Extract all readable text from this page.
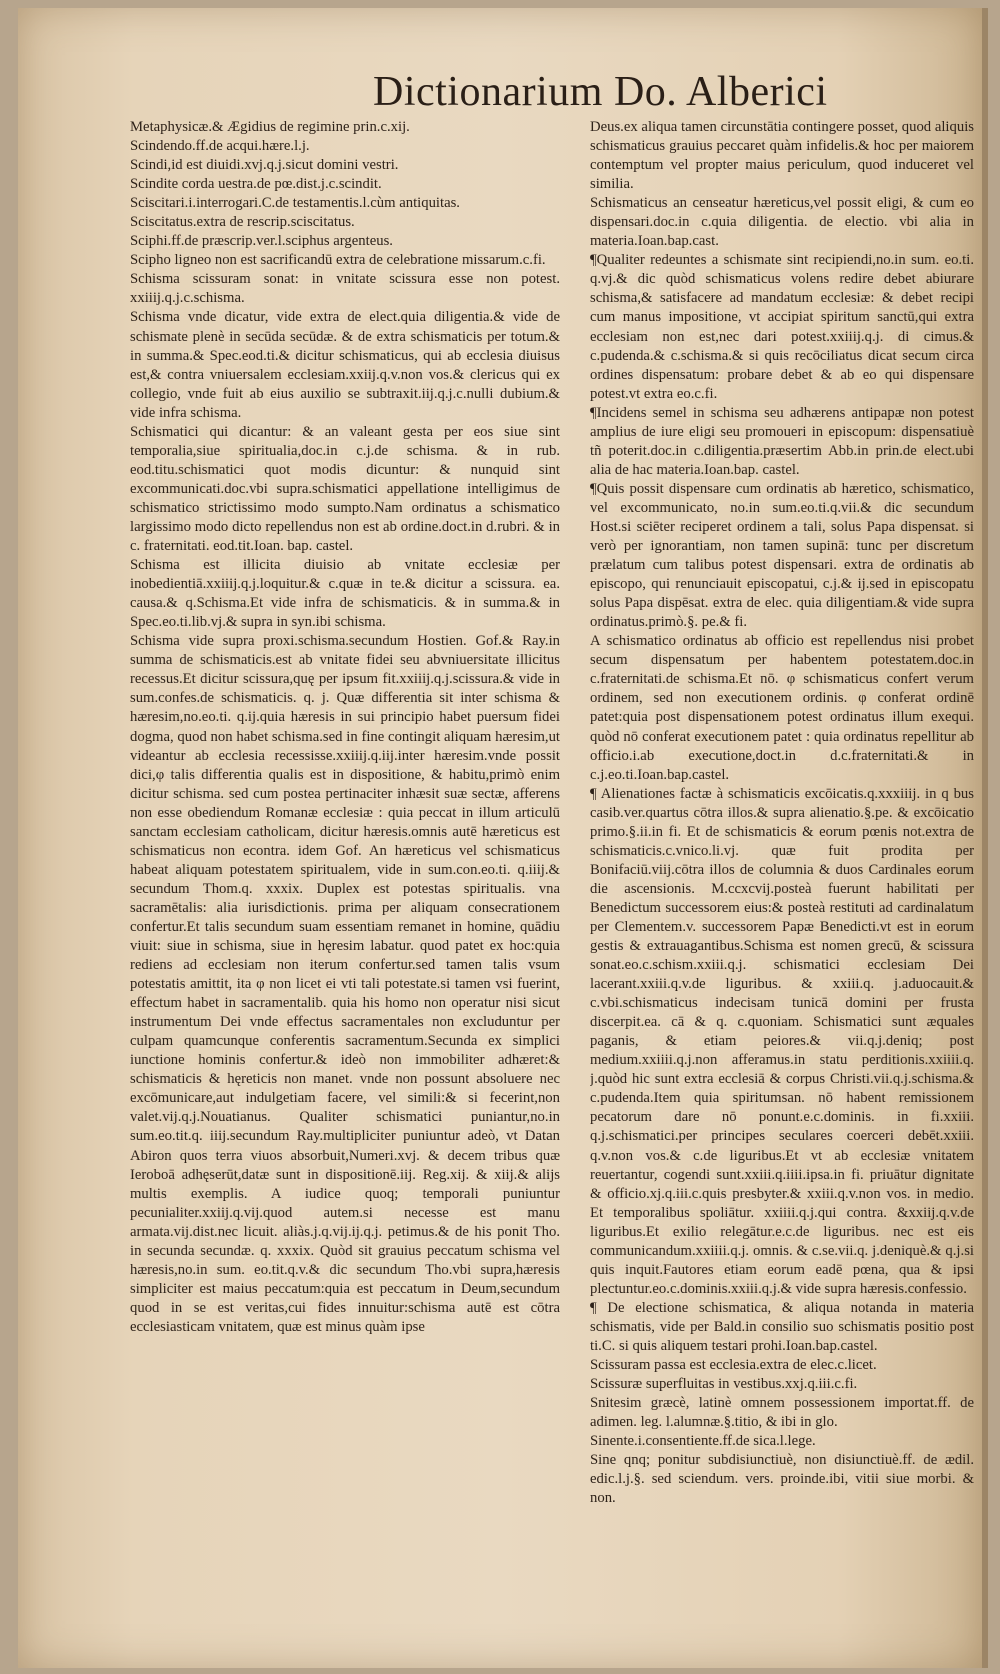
Dictionarium Do. Alberici

Metaphysicæ.& Ægidius de regimine prin.c.xij.

Scindendo.ff.de acqui.hære.l.j.

Scindi,id est diuidi.xvj.q.j.sicut domini vestri.

Scindite corda uestra.de pœ.dist.j.c.scindit.

Sciscitari.i.interrogari.C.de testamentis.l.cùm antiquitas.

Sciscitatus.extra de rescrip.sciscitatus.

Sciphi.ff.de præscrip.ver.l.sciphus argenteus.

Scipho ligneo non est sacrificandū extra de celebratione missarum.c.fi.

Schisma scissuram sonat: in vnitate scissura esse non potest. xxiiij.q.j.c.schisma.

Schisma vnde dicatur, vide extra de elect.quia diligentia.& vide de schismate plenè in secūda secūdæ. & de extra schismaticis per totum.& in summa.& Spec.eod.ti.& dicitur schismaticus, qui ab ecclesia diuisus est,& contra vniuersalem ecclesiam.xxiij.q.v.non vos.& clericus qui ex collegio, vnde fuit ab eius auxilio se subtraxit.iij.q.j.c.nulli dubium.& vide infra schisma.

Schismatici qui dicantur: & an valeant gesta per eos siue sint temporalia,siue spiritualia,doc.in c.j.de schisma. & in rub. eod.titu.schismatici quot modis dicuntur: & nunquid sint excommunicati.doc.vbi supra.schismatici appellatione intelligimus de schismatico strictissimo modo sumpto.Nam ordinatus a schismatico largissimo modo dicto repellendus non est ab ordine.doct.in d.rubri. & in c. fraternitati. eod.tit.Ioan. bap. castel.

Schisma est illicita diuisio ab vnitate ecclesiæ per inobedientiā.xxiiij.q.j.loquitur.& c.quæ in te.& dicitur a scissura. ea. causa.& q.Schisma.Et vide infra de schismaticis. & in summa.& in Spec.eo.ti.lib.vj.& supra in syn.ibi schisma.

Schisma vide supra proxi.schisma.secundum Hostien. Gof.& Ray.in summa de schismaticis.est ab vnitate fidei seu abvniuersitate illicitus recessus.Et dicitur scissura,quę per ipsum fit.xxiiij.q.j.scissura.& vide in sum.confes.de schismaticis. q. j. Quæ differentia sit inter schisma & hæresim,no.eo.ti. q.ij.quia hæresis in sui principio habet puersum fidei dogma, quod non habet schisma.sed in fine contingit aliquam hæresim,ut videantur ab ecclesia recessisse.xxiiij.q.iij.inter hæresim.vnde possit dici,φ talis differentia qualis est in dispositione, & habitu,primò enim dicitur schisma. sed cum postea pertinaciter inhæsit suæ sectæ, afferens non esse obediendum Romanæ ecclesiæ : quia peccat in illum articulū sanctam ecclesiam catholicam, dicitur hæresis.omnis autē hæreticus est schismaticus non econtra. idem Gof. An hæreticus vel schismaticus habeat aliquam potestatem spiritualem, vide in sum.con.eo.ti. q.iiij.& secundum Thom.q. xxxix. Duplex est potestas spiritualis. vna sacramētalis: alia iurisdictionis. prima per aliquam consecrationem confertur.Et talis secundum suam essentiam remanet in homine, quādiu viuit: siue in schisma, siue in hęresim labatur. quod patet ex hoc:quia rediens ad ecclesiam non iterum confertur.sed tamen talis vsum potestatis amittit, ita φ non licet ei vti tali potestate.si tamen vsi fuerint, effectum habet in sacramentalib. quia his homo non operatur nisi sicut instrumentum Dei vnde effectus sacramentales non excluduntur per culpam quamcunque conferentis sacramentum.Secunda ex simplici iunctione hominis confertur.& ideò non immobiliter adhæret:& schismaticis & hęreticis non manet. vnde non possunt absoluere nec excōmunicare,aut indulgetiam facere, vel simili:& si fecerint,non valet.vij.q.j.Nouatianus. Qualiter schismatici puniantur,no.in sum.eo.tit.q. iiij.secundum Ray.multipliciter puniuntur adeò, vt Datan Abiron quos terra viuos absorbuit,Numeri.xvj. & decem tribus quæ Ieroboā adhęserūt,datæ sunt in dispositionē.iij. Reg.xij. & xiij.& alijs multis exemplis. A iudice quoq; temporali puniuntur pecunialiter.xxiij.q.vij.quod autem.si necesse est manu armata.vij.dist.nec licuit. aliàs.j.q.vij.ij.q.j. petimus.& de his ponit Tho. in secunda secundæ. q. xxxix. Quòd sit grauius peccatum schisma vel hæresis,no.in sum. eo.tit.q.v.& dic secundum Tho.vbi supra,hæresis simpliciter est maius peccatum:quia est peccatum in Deum,secundum quod in se est veritas,cui fides innuitur:schisma autē est cōtra ecclesiasticam vnitatem, quæ est minus quàm ipse

Deus.ex aliqua tamen circunstātia contingere posset, quod aliquis schismaticus grauius peccaret quàm infidelis.& hoc per maiorem contemptum vel propter maius periculum, quod induceret vel similia.

Schismaticus an censeatur hæreticus,vel possit eligi, & cum eo dispensari.doc.in c.quia diligentia. de electio. vbi alia in materia.Ioan.bap.cast.

¶Qualiter redeuntes a schismate sint recipiendi,no.in sum. eo.ti. q.vj.& dic quòd schismaticus volens redire debet abiurare schisma,& satisfacere ad mandatum ecclesiæ: & debet recipi cum manus impositione, vt accipiat spiritum sanctū,qui extra ecclesiam non est,nec dari potest.xxiiij.q.j. di cimus.& c.pudenda.& c.schisma.& si quis recōciliatus dicat secum circa ordines dispensatum: probare debet & ab eo qui dispensare potest.vt extra eo.c.fi.

¶Incidens semel in schisma seu adhærens antipapæ non potest amplius de iure eligi seu promoueri in episcopum: dispensatiuè tñ poterit.doc.in c.diligentia.præsertim Abb.in prin.de elect.ubi alia de hac materia.Ioan.bap. castel.

¶Quis possit dispensare cum ordinatis ab hæretico, schismatico, vel excommunicato, no.in sum.eo.ti.q.vii.& dic secundum Host.si sciēter reciperet ordinem a tali, solus Papa dispensat. si verò per ignorantiam, non tamen supinā: tunc per discretum prælatum cum talibus potest dispensari. extra de ordinatis ab episcopo, qui renunciauit episcopatui, c.j.& ij.sed in episcopatu solus Papa dispēsat. extra de elec. quia diligentiam.& vide supra ordinatus.primò.§. pe.& fi.

A schismatico ordinatus ab officio est repellendus nisi probet secum dispensatum per habentem potestatem.doc.in c.fraternitati.de schisma.Et nō. φ schismaticus confert verum ordinem, sed non executionem ordinis. φ conferat ordinē patet:quia post dispensationem potest ordinatus illum exequi. quòd nō conferat executionem patet : quia ordinatus repellitur ab officio.i.ab executione,doct.in d.c.fraternitati.& in c.j.eo.ti.Ioan.bap.castel.

¶ Alienationes factæ à schismaticis excōicatis.q.xxxiiij. in q bus casib.ver.quartus cōtra illos.& supra alienatio.§.pe. & excōicatio primo.§.ii.in fi. Et de schismaticis & eorum pœnis not.extra de schismaticis.c.vnico.li.vj. quæ fuit prodita per Bonifaciū.viij.cōtra illos de columnia & duos Cardinales eorum die ascensionis. M.ccxcvij.posteà fuerunt habilitati per Benedictum successorem eius:& posteà restituti ad cardinalatum per Clementem.v. successorem Papæ Benedicti.vt est in eorum gestis & extrauagantibus.Schisma est nomen grecū, & scissura sonat.eo.c.schism.xxiii.q.j. schismatici ecclesiam Dei lacerant.xxiii.q.v.de liguribus. & xxiii.q. j.aduocauit.& c.vbi.schismaticus indecisam tunicā domini per frusta discerpit.ea. cā & q. c.quoniam. Schismatici sunt æquales paganis, & etiam peiores.& vii.q.j.deniq; post medium.xxiiii.q.j.non afferamus.in statu perditionis.xxiiii.q. j.quòd hic sunt extra ecclesiā & corpus Christi.vii.q.j.schisma.& c.pudenda.Item quia spiritumsan. nō habent remissionem pecatorum dare nō ponunt.e.c.dominis. in fi.xxiii. q.j.schismatici.per principes seculares coerceri debēt.xxiii. q.v.non vos.& c.de liguribus.Et vt ab ecclesiæ vnitatem reuertantur, cogendi sunt.xxiii.q.iiii.ipsa.in fi. priuātur dignitate & officio.xj.q.iii.c.quis presbyter.& xxiii.q.v.non vos. in medio. Et temporalibus spoliātur. xxiiii.q.j.qui contra. &xxiij.q.v.de liguribus.Et exilio relegātur.e.c.de liguribus. nec est eis communicandum.xxiiii.q.j. omnis. & c.se.vii.q. j.deniquè.& q.j.si quis inquit.Fautores etiam eorum eadē pœna, qua & ipsi plectuntur.eo.c.dominis.xxiii.q.j.& vide supra hæresis.confessio.

¶ De electione schismatica, & aliqua notanda in materia schismatis, vide per Bald.in consilio suo schismatis positio post ti.C. si quis aliquem testari prohi.Ioan.bap.castel.

Scissuram passa est ecclesia.extra de elec.c.licet.

Scissuræ superfluitas in vestibus.xxj.q.iii.c.fi.

Snitesim græcè, latinè omnem possessionem importat.ff. de adimen. leg. l.alumnæ.§.titio, & ibi in glo.

Sinente.i.consentiente.ff.de sica.l.lege.

Sine qnq; ponitur subdisiunctiuè, non disiunctiuè.ff. de ædil. edic.l.j.§. sed sciendum. vers. proinde.ibi, vitii siue morbi. & non.
